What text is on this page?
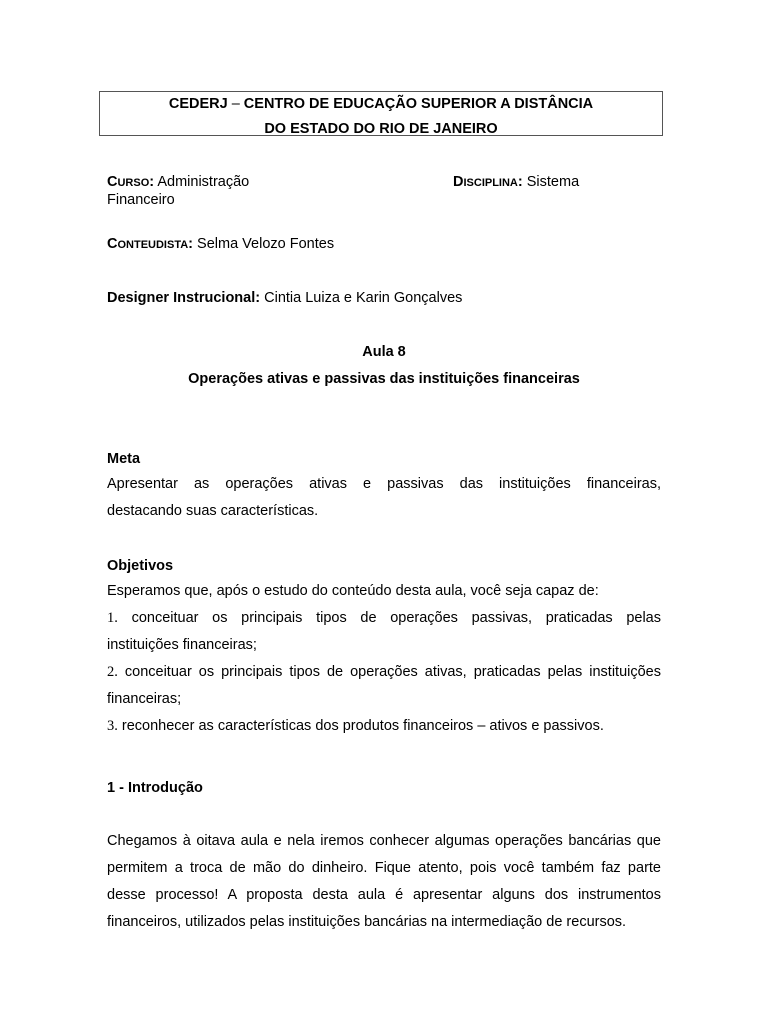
CEDERJ – CENTRO DE EDUCAÇÃO SUPERIOR A DISTÂNCIA
DO ESTADO DO RIO DE JANEIRO
CURSO: Administração	DISCIPLINA: Sistema
Financeiro
CONTEUDISTA: Selma Velozo Fontes
Designer Instrucional: Cintia Luiza e Karin Gonçalves
Aula 8
Operações ativas e passivas das instituições financeiras
Meta
Apresentar as operações ativas e passivas das instituições financeiras,
destacando suas características.
Objetivos
Esperamos que, após o estudo do conteúdo desta aula, você seja capaz de:
1. conceituar os principais tipos de operações passivas, praticadas pelas
instituições financeiras;
2. conceituar os principais tipos de operações ativas, praticadas pelas instituições
financeiras;
3. reconhecer as características dos produtos financeiros – ativos e passivos.
1 - Introdução
Chegamos à oitava aula e nela iremos conhecer algumas operações bancárias que
permitem a troca de mão do dinheiro. Fique atento, pois você também faz parte
desse processo! A proposta desta aula é apresentar alguns dos instrumentos
financeiros, utilizados pelas instituições bancárias na intermediação de recursos.
